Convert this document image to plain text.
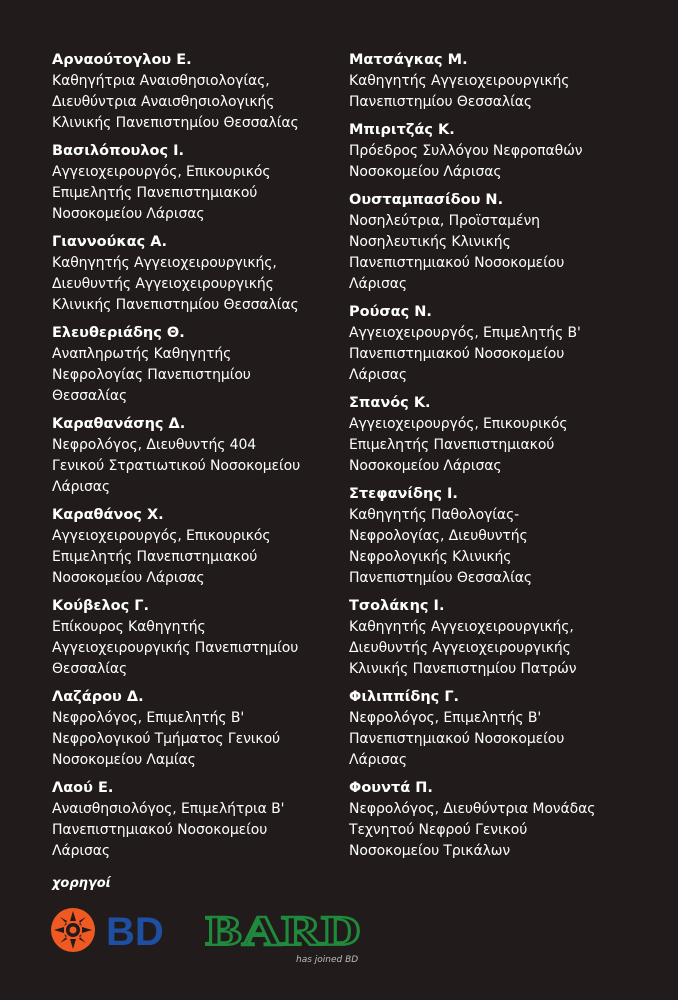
Αρναούτογλου Ε.
Καθηγήτρια Αναισθησιολογίας,
Διευθύντρια Αναισθησιολογικής
Κλινικής Πανεπιστημίου Θεσσαλίας
Βασιλόπουλος Ι.
Αγγειοχειρουργός, Επικουρικός
Επιμελητής Πανεπιστημιακού
Νοσοκομείου Λάρισας
Γιαννούκας Α.
Καθηγητής Αγγειοχειρουργικής,
Διευθυντής Αγγειοχειρουργικής
Κλινικής Πανεπιστημίου Θεσσαλίας
Ελευθεριάδης Θ.
Αναπληρωτής Καθηγητής
Νεφρολογίας Πανεπιστημίου
Θεσσαλίας
Καραθανάσης Δ.
Νεφρολόγος, Διευθυντής 404
Γενικού Στρατιωτικού Νοσοκομείου
Λάρισας
Καραθάνος Χ.
Αγγειοχειρουργός, Επικουρικός
Επιμελητής Πανεπιστημιακού
Νοσοκομείου Λάρισας
Κούβελος Γ.
Επίκουρος Καθηγητής
Αγγειοχειρουργικής Πανεπιστημίου
Θεσσαλίας
Λαζάρου Δ.
Νεφρολόγος, Επιμελητής Β'
Νεφρολογικού Τμήματος Γενικού
Νοσοκομείου Λαμίας
Λαού Ε.
Αναισθησιολόγος, Επιμελήτρια Β'
Πανεπιστημιακού Νοσοκομείου
Λάρισας
Ματσάγκας Μ.
Καθηγητής Αγγειοχειρουργικής
Πανεπιστημίου Θεσσαλίας
Μπιριτζάς Κ.
Πρόεδρος Συλλόγου Νεφροπαθών
Νοσοκομείου Λάρισας
Ουσταμπασίδου Ν.
Νοσηλεύτρια, Προϊσταμένη
Νοσηλευτικής Κλινικής
Πανεπιστημιακού Νοσοκομείου
Λάρισας
Ρούσας Ν.
Αγγειοχειρουργός, Επιμελητής Β'
Πανεπιστημιακού Νοσοκομείου
Λάρισας
Σπανός Κ.
Αγγειοχειρουργός, Επικουρικός
Επιμελητής Πανεπιστημιακού
Νοσοκομείου Λάρισας
Στεφανίδης Ι.
Καθηγητής Παθολογίας-
Νεφρολογίας, Διευθυντής
Νεφρολογικής Κλινικής
Πανεπιστημίου Θεσσαλίας
Τσολάκης Ι.
Καθηγητής Αγγειοχειρουργικής,
Διευθυντής Αγγειοχειρουργικής
Κλινικής Πανεπιστημίου Πατρών
Φιλιππίδης Γ.
Νεφρολόγος, Επιμελητής Β'
Πανεπιστημιακού Νοσοκομείου
Λάρισας
Φουντά Π.
Νεφρολόγος, Διευθύντρια Μονάδας
Τεχνητού Νεφρού Γενικού
Νοσοκομείου Τρικάλων
χορηγοί
BD BARD
has joined BD
